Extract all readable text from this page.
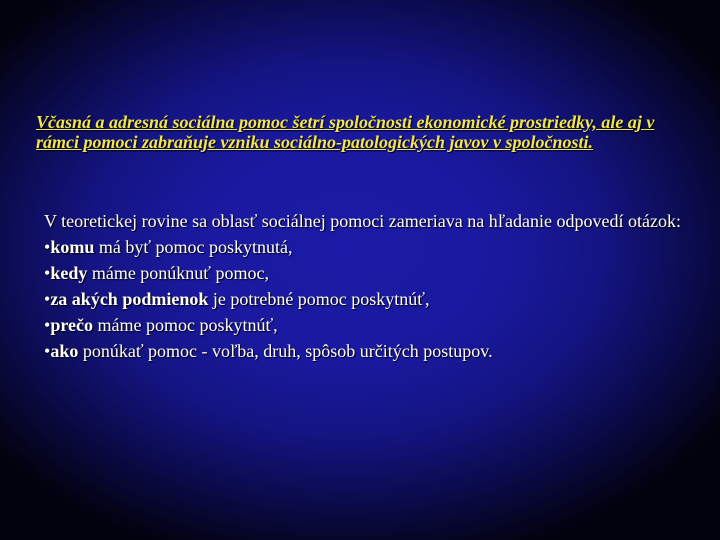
Včasná a adresná sociálna pomoc šetrí spoločnosti ekonomické prostriedky, ale aj v rámci pomoci zabraňuje vzniku sociálno-patologických javov v spoločnosti.

V teoretickej rovine sa oblasť sociálnej pomoci zameriava na hľadanie odpovedí otázok:

•komu má byť pomoc poskytnutá,
•kedy máme ponúknuť pomoc,
•za akých podmienok je potrebné pomoc poskytnúť,
•prečo máme pomoc poskytnúť,
•ako ponúkať pomoc - voľba, druh, spôsob určitých postupov.
